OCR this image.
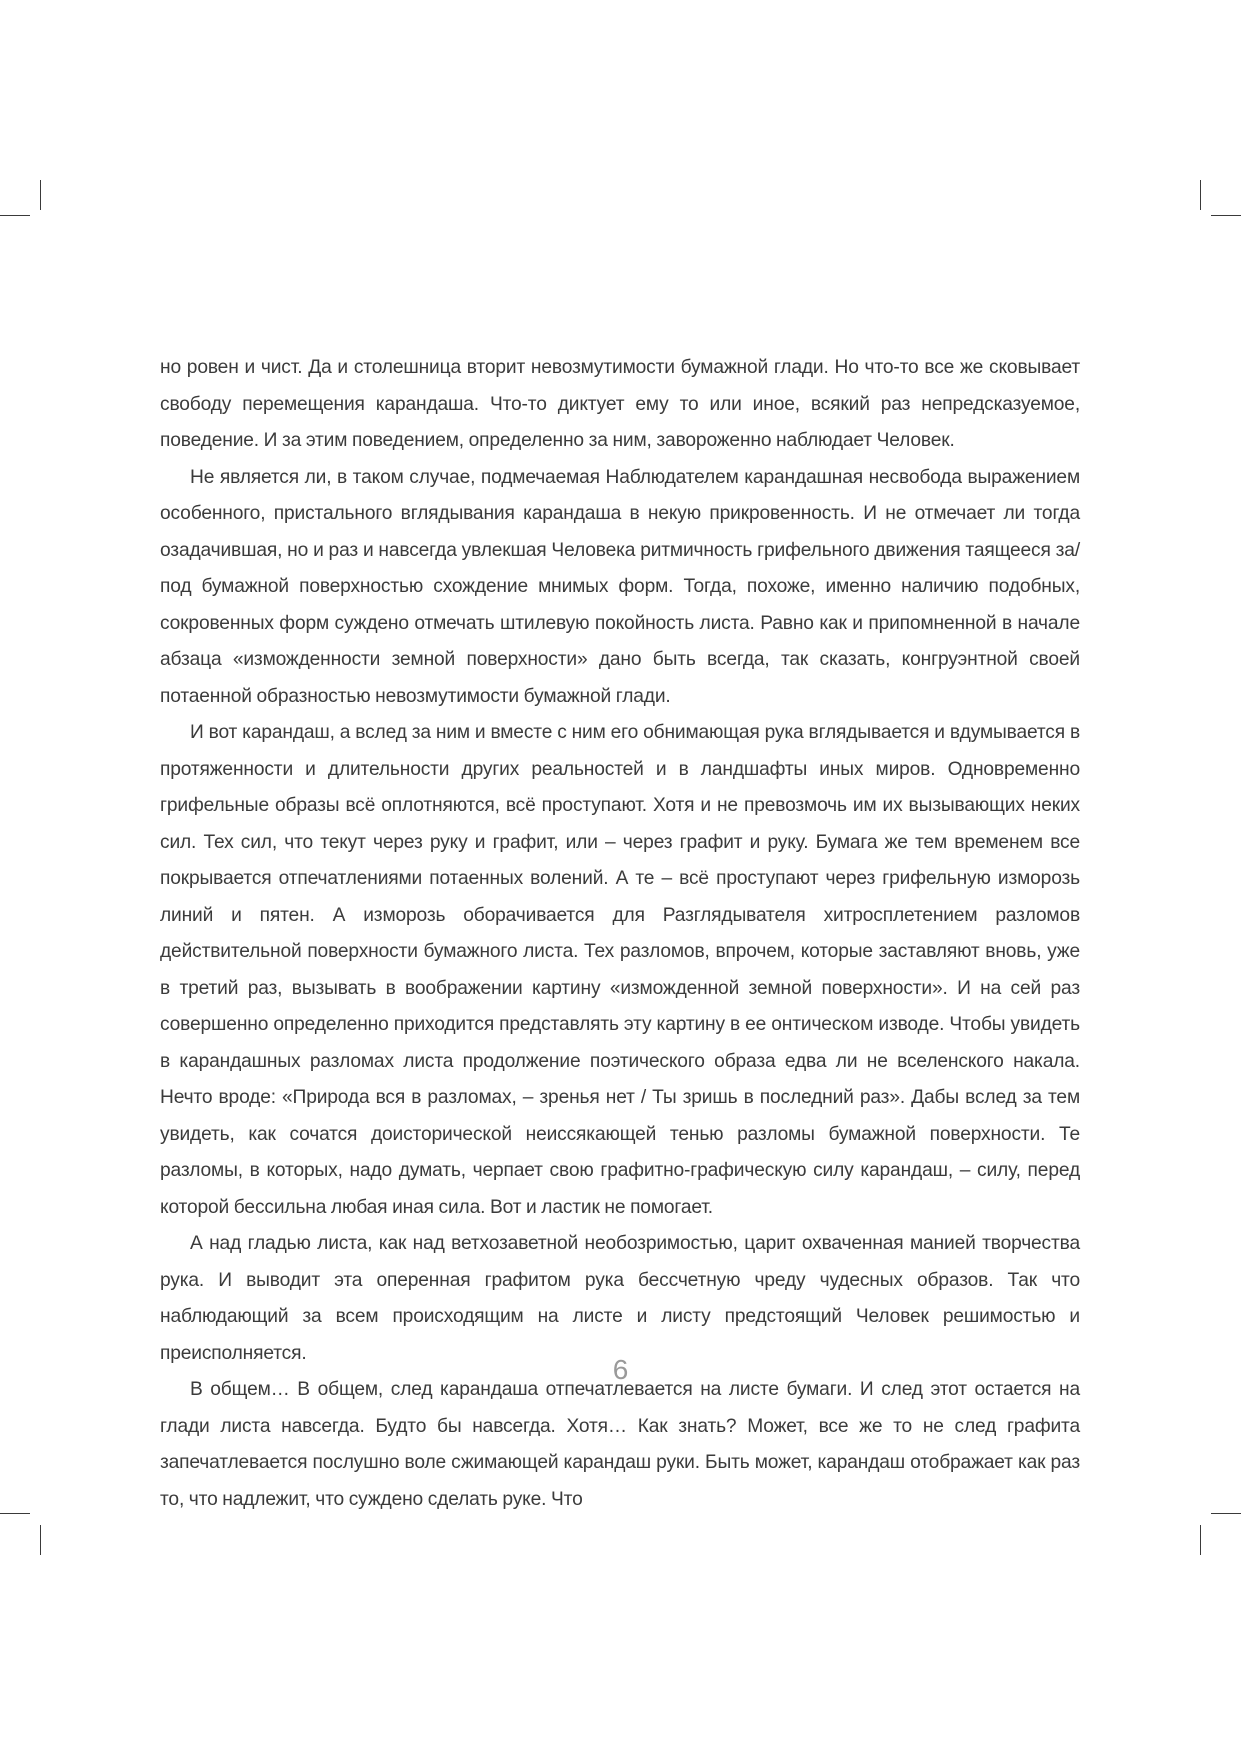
но ровен и чист. Да и столешница вторит невозмутимости бумажной глади. Но что-то все же сковывает свободу перемещения карандаша. Что-то диктует ему то или иное, всякий раз непредсказуемое, поведение. И за этим поведением, определенно за ним, завороженно наблюдает Человек.

Не является ли, в таком случае, подмечаемая Наблюдателем карандашная несвобода выражением особенного, пристального вглядывания карандаша в некую прикровенность. И не отмечает ли тогда озадачившая, но и раз и навсегда увлекшая Человека ритмичность грифельного движения таящееся за/под бумажной поверхностью схождение мнимых форм. Тогда, похоже, именно наличию подобных, сокровенных форм суждено отмечать штилевую покойность листа. Равно как и припомненной в начале абзаца «изможденности земной поверхности» дано быть всегда, так сказать, конгруэнтной своей потаенной образностью невозмутимости бумажной глади.

И вот карандаш, а вслед за ним и вместе с ним его обнимающая рука вглядывается и вдумывается в протяженности и длительности других реальностей и в ландшафты иных миров. Одновременно грифельные образы всё оплотняются, всё проступают. Хотя и не превозмочь им их вызывающих неких сил. Тех сил, что текут через руку и графит, или – через графит и руку. Бумага же тем временем все покрывается отпечатлениями потаенных волений. А те – всё проступают через грифельную изморозь линий и пятен. А изморозь оборачивается для Разглядывателя хитросплетением разломов действительной поверхности бумажного листа. Тех разломов, впрочем, которые заставляют вновь, уже в третий раз, вызывать в воображении картину «изможденной земной поверхности». И на сей раз совершенно определенно приходится представлять эту картину в ее онтическом изводе. Чтобы увидеть в карандашных разломах листа продолжение поэтического образа едва ли не вселенского накала. Нечто вроде: «Природа вся в разломах, – зренья нет / Ты зришь в последний раз». Дабы вслед за тем увидеть, как сочатся доисторической неиссякающей тенью разломы бумажной поверхности. Те разломы, в которых, надо думать, черпает свою графитно-графическую силу карандаш, – силу, перед которой бессильна любая иная сила. Вот и ластик не помогает.

А над гладью листа, как над ветхозаветной необозримостью, царит охваченная манией творчества рука. И выводит эта оперенная графитом рука бессчетную чреду чудесных образов. Так что наблюдающий за всем происходящим на листе и листу предстоящий Человек решимостью и преисполняется.

В общем… В общем, след карандаша отпечатлевается на листе бумаги. И след этот остается на глади листа навсегда. Будто бы навсегда. Хотя… Как знать? Может, все же то не след графита запечатлевается послушно воле сжимающей карандаш руки. Быть может, карандаш отображает как раз то, что надлежит, что суждено сделать руке. Что

6
